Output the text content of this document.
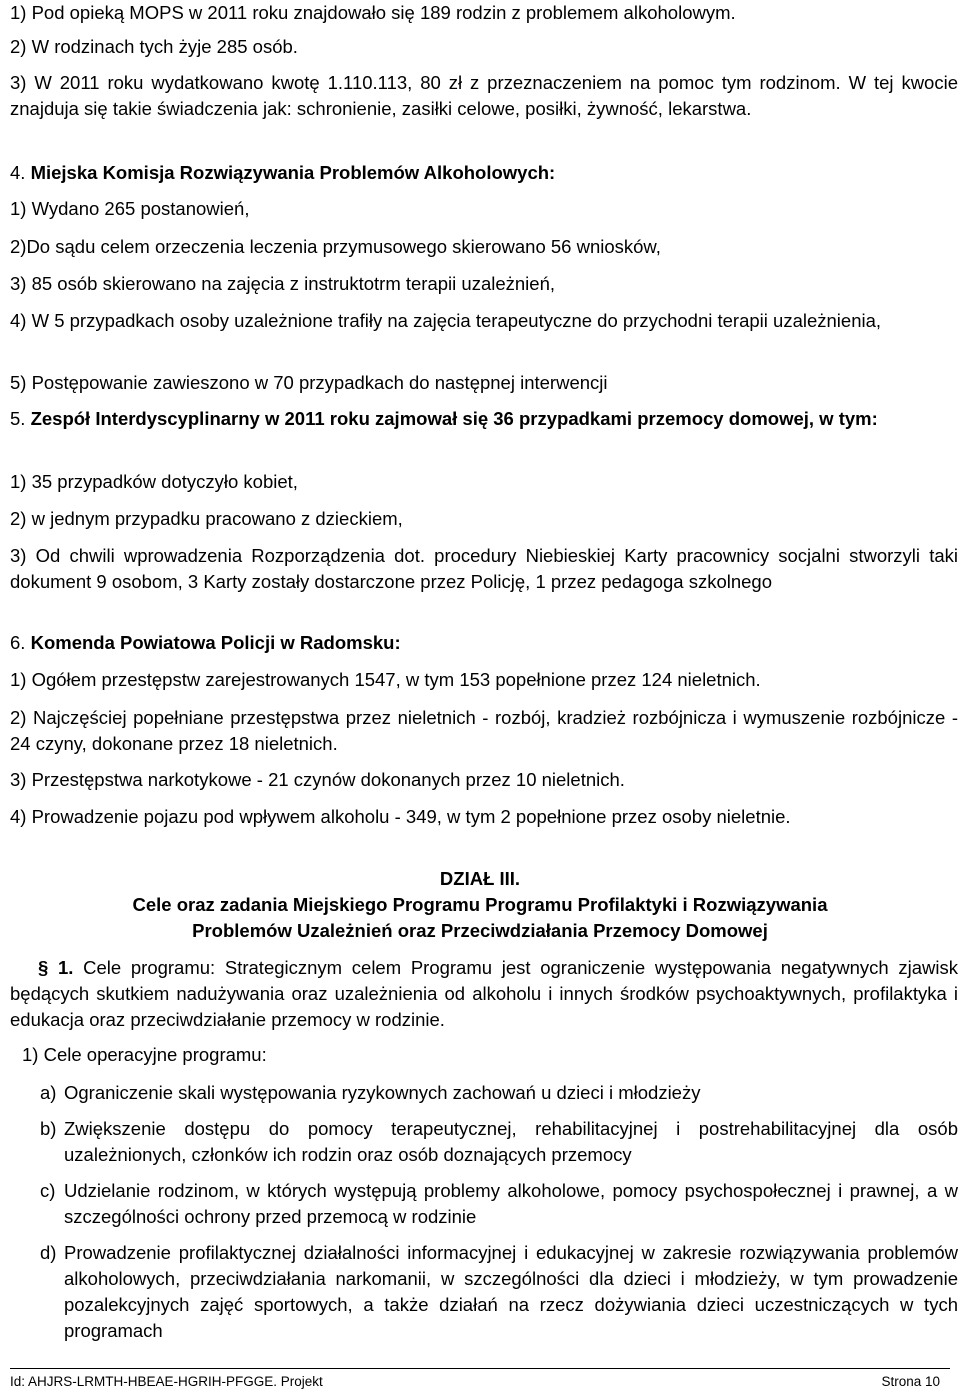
1) Pod opieką MOPS w 2011 roku znajdowało się 189 rodzin z problemem alkoholowym.

2) W rodzinach tych żyje 285 osób.

3) W 2011 roku wydatkowano kwotę 1.110.113, 80 zł z przeznaczeniem na pomoc tym rodzinom. W tej kwocie znajduja się takie świadczenia jak: schronienie, zasiłki celowe, posiłki, żywność, lekarstwa.

4. Miejska Komisja Rozwiązywania Problemów Alkoholowych:

1) Wydano 265 postanowień,

2)Do sądu celem orzeczenia leczenia przymusowego skierowano 56 wniosków,

3) 85 osób skierowano na zajęcia z instruktotrm terapii uzależnień,

4) W 5 przypadkach osoby uzależnione trafiły na zajęcia terapeutyczne do przychodni terapii uzależnienia,

5) Postępowanie zawieszono w 70 przypadkach do następnej interwencji

5. Zespół Interdyscyplinarny w 2011 roku zajmował się 36 przypadkami przemocy domowej, w tym:

1) 35 przypadków dotyczyło kobiet,

2) w jednym przypadku pracowano z dzieckiem,

3) Od chwili wprowadzenia Rozporządzenia dot. procedury Niebieskiej Karty pracownicy socjalni stworzyli taki dokument 9 osobom, 3 Karty zostały dostarczone przez Policję, 1 przez pedagoga szkolnego

6. Komenda Powiatowa Policji w Radomsku:

1) Ogółem przestępstw zarejestrowanych 1547, w tym 153 popełnione przez 124 nieletnich.

2) Najczęściej popełniane przestępstwa przez nieletnich - rozbój, kradzież rozbójnicza i wymuszenie rozbójnicze - 24 czyny, dokonane przez 18 nieletnich.

3) Przestępstwa narkotykowe - 21 czynów dokonanych przez 10 nieletnich.

4) Prowadzenie pojazu pod wpływem alkoholu - 349, w tym 2 popełnione przez osoby nieletnie.

DZIAŁ III.

Cele oraz zadania Miejskiego Programu Programu Profilaktyki i Rozwiązywania

Problemów Uzależnień oraz Przeciwdziałania Przemocy Domowej

§ 1. Cele programu: Strategicznym celem Programu jest ograniczenie występowania negatywnych zjawisk będących skutkiem nadużywania oraz uzależnienia od alkoholu i innych środków psychoaktywnych, profilaktyka i edukacja oraz przeciwdziałanie przemocy w rodzinie.

1) Cele operacyjne programu:

a) Ograniczenie skali występowania ryzykownych zachowań u dzieci i młodzieży
b) Zwiększenie dostępu do pomocy terapeutycznej, rehabilitacyjnej i postrehabilitacyjnej dla osób uzależnionych, członków ich rodzin oraz osób doznających przemocy
c) Udzielanie rodzinom, w których występują problemy alkoholowe, pomocy psychospołecznej i prawnej, a w szczególności ochrony przed przemocą w rodzinie
d) Prowadzenie profilaktycznej działalności informacyjnej i edukacyjnej w zakresie rozwiązywania problemów alkoholowych, przeciwdziałania narkomanii, w szczególności dla dzieci i młodzieży, w tym prowadzenie pozalekcyjnych zajęć sportowych, a także działań na rzecz dożywiania dzieci uczestniczących w tych programach
Id: AHJRS-LRMTH-HBEAE-HGRIH-PFGGE. Projekt	Strona 10
